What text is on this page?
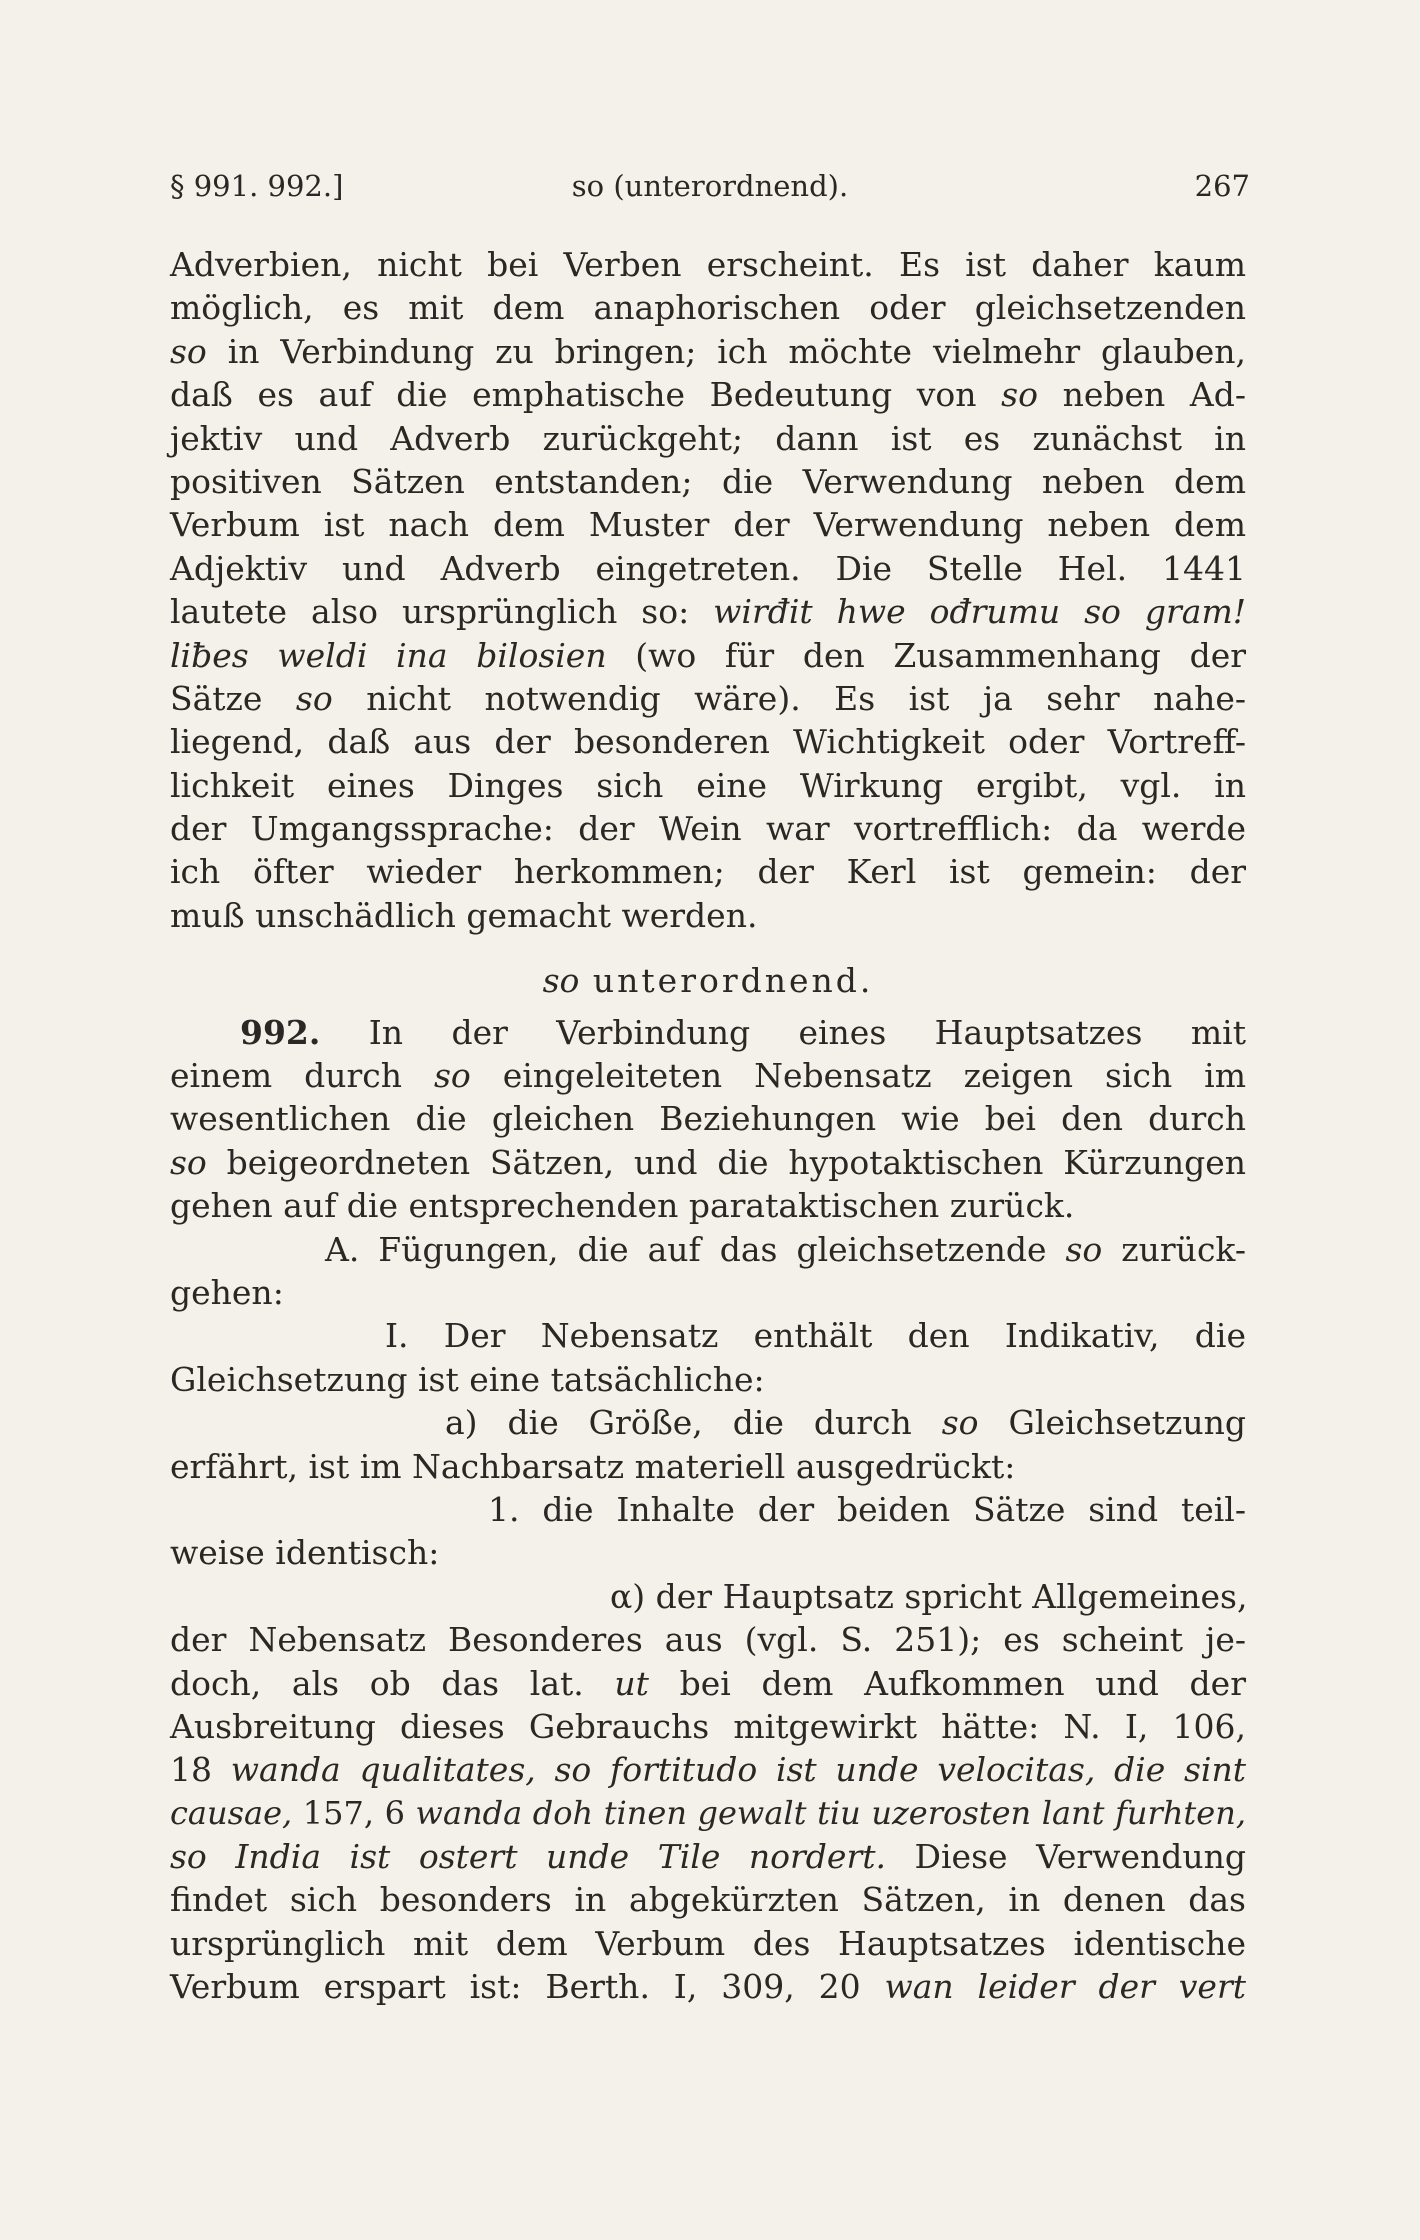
§ 991. 992.]	so (unterordnend).	267
Adverbien, nicht bei Verben erscheint. Es ist daher kaum
möglich, es mit dem anaphorischen oder gleichsetzenden
so in Verbindung zu bringen; ich möchte vielmehr glauben,
daß es auf die emphatische Bedeutung von so neben Ad-
jektiv und Adverb zurückgeht; dann ist es zunächst in
positiven Sätzen entstanden; die Verwendung neben dem
Verbum ist nach dem Muster der Verwendung neben dem
Adjektiv und Adverb eingetreten. Die Stelle Hel. 1441
lautete also ursprünglich so: wirđit hwe ođrumu so gram!
liƀes weldi ina bilosien (wo für den Zusammenhang der
Sätze so nicht notwendig wäre). Es ist ja sehr nahe-
liegend, daß aus der besonderen Wichtigkeit oder Vortreff-
lichkeit eines Dinges sich eine Wirkung ergibt, vgl. in
der Umgangssprache: der Wein war vortrefflich: da werde
ich öfter wieder herkommen; der Kerl ist gemein: der
muß unschädlich gemacht werden.
so unterordnend.
992. In der Verbindung eines Hauptsatzes mit
einem durch so eingeleiteten Nebensatz zeigen sich im
wesentlichen die gleichen Beziehungen wie bei den durch
so beigeordneten Sätzen, und die hypotaktischen Kürzungen
gehen auf die entsprechenden parataktischen zurück.
A. Fügungen, die auf das gleichsetzende so zurück-
gehen:
I. Der Nebensatz enthält den Indikativ, die
Gleichsetzung ist eine tatsächliche:
a) die Größe, die durch so Gleichsetzung
erfährt, ist im Nachbarsatz materiell ausgedrückt:
1. die Inhalte der beiden Sätze sind teil-
weise identisch:
α) der Hauptsatz spricht Allgemeines,
der Nebensatz Besonderes aus (vgl. S. 251); es scheint je-
doch, als ob das lat. ut bei dem Aufkommen und der
Ausbreitung dieses Gebrauchs mitgewirkt hätte: N. I, 106,
18 wanda qualitates, so fortitudo ist unde velocitas, die sint
causae, 157, 6 wanda doh tinen gewalt tiu uzerosten lant furhten,
so India ist ostert unde Tile nordert. Diese Verwendung
findet sich besonders in abgekürzten Sätzen, in denen das
ursprünglich mit dem Verbum des Hauptsatzes identische
Verbum erspart ist: Berth. I, 309, 20 wan leider der vert
